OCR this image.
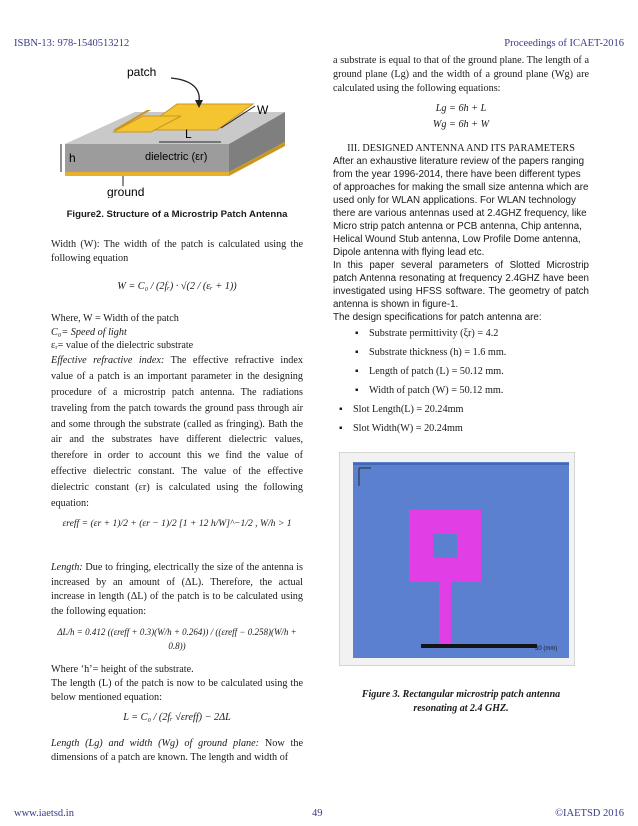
ISBN-13: 978-1540513212	Proceedings of ICAET-2016
patch
L
W
h	dielectric (εr)
ground
Figure2. Structure of a Microstrip Patch Antenna

Width (W): The width of the patch is calculated using the following equation

W = C₀ / (2fᵣ) · √(2 / (εᵣ + 1))

Where, W = Width of the patch

C₀= Speed of light

εᵣ= value of the dielectric substrate

Effective refractive index: The effective refractive index value of a patch is an important parameter in the designing procedure of a microstrip patch antenna. The radiations traveling from the patch towards the ground pass through air and some through the substrate (called as fringing). Bath the air and the substrates have different dielectric values, therefore in order to account this we find the value of effective dielectric constant. The value of the effective dielectric constant (εr) is calculated using the following equation:

εreff = (εr + 1)/2 + (εr − 1)/2 [1 + 12 h/W]^−1/2 , W/h > 1

Length: Due to fringing, electrically the size of the antenna is increased by an amount of (ΔL). Therefore, the actual increase in length (ΔL) of the patch is to be calculated using the following equation:

ΔL/h = 0.412 ((εreff + 0.3)(W/h + 0.264)) / ((εreff − 0.258)(W/h + 0.8))

Where ‘h’= height of the substrate.

The length (L) of the patch is now to be calculated using the below mentioned equation:

L = C₀ / (2fᵣ √εreff) − 2ΔL

Length (Lg) and width (Wg) of ground plane: Now the dimensions of a patch are known. The length and width of

a substrate is equal to that of the ground plane. The length of a ground plane (Lg) and the width of a ground plane (Wg) are calculated using the following equations:

Lg = 6h + L
Wg = 6h + W
III. DESIGNED ANTENNA AND ITS PARAMETERS

After an exhaustive literature review of the papers ranging from the year 1996-2014, there have been different types of approaches for making the small size antenna which are used only for WLAN applications. For WLAN technology there are various antennas used at 2.4GHZ frequency, like Micro strip patch antenna or PCB antenna, Chip antenna, Helical Wound Stub antenna, Low Profile Dome antenna, Dipole antenna with flying lead etc.

In this paper several parameters of Slotted Microstrip patch Antenna resonating at frequency 2.4GHZ have been investigated using HFSS software. The geometry of patch antenna is shown in figure-1.

The design specifications for patch antenna are:

▪ Substrate permittivity (ξr) = 4.2
▪ Substrate thickness (h) = 1.6 mm.
▪ Length of patch (L) = 50.12 mm.
▪ Width of patch (W) = 50.12 mm.
▪ Slot Length(L) = 20.24mm
▪ Slot Width(W) = 20.24mm
30 (mm)
Figure 3. Rectangular microstrip patch antenna resonating at 2.4 GHZ.
www.iaetsd.in	49	©IAETSD 2016
